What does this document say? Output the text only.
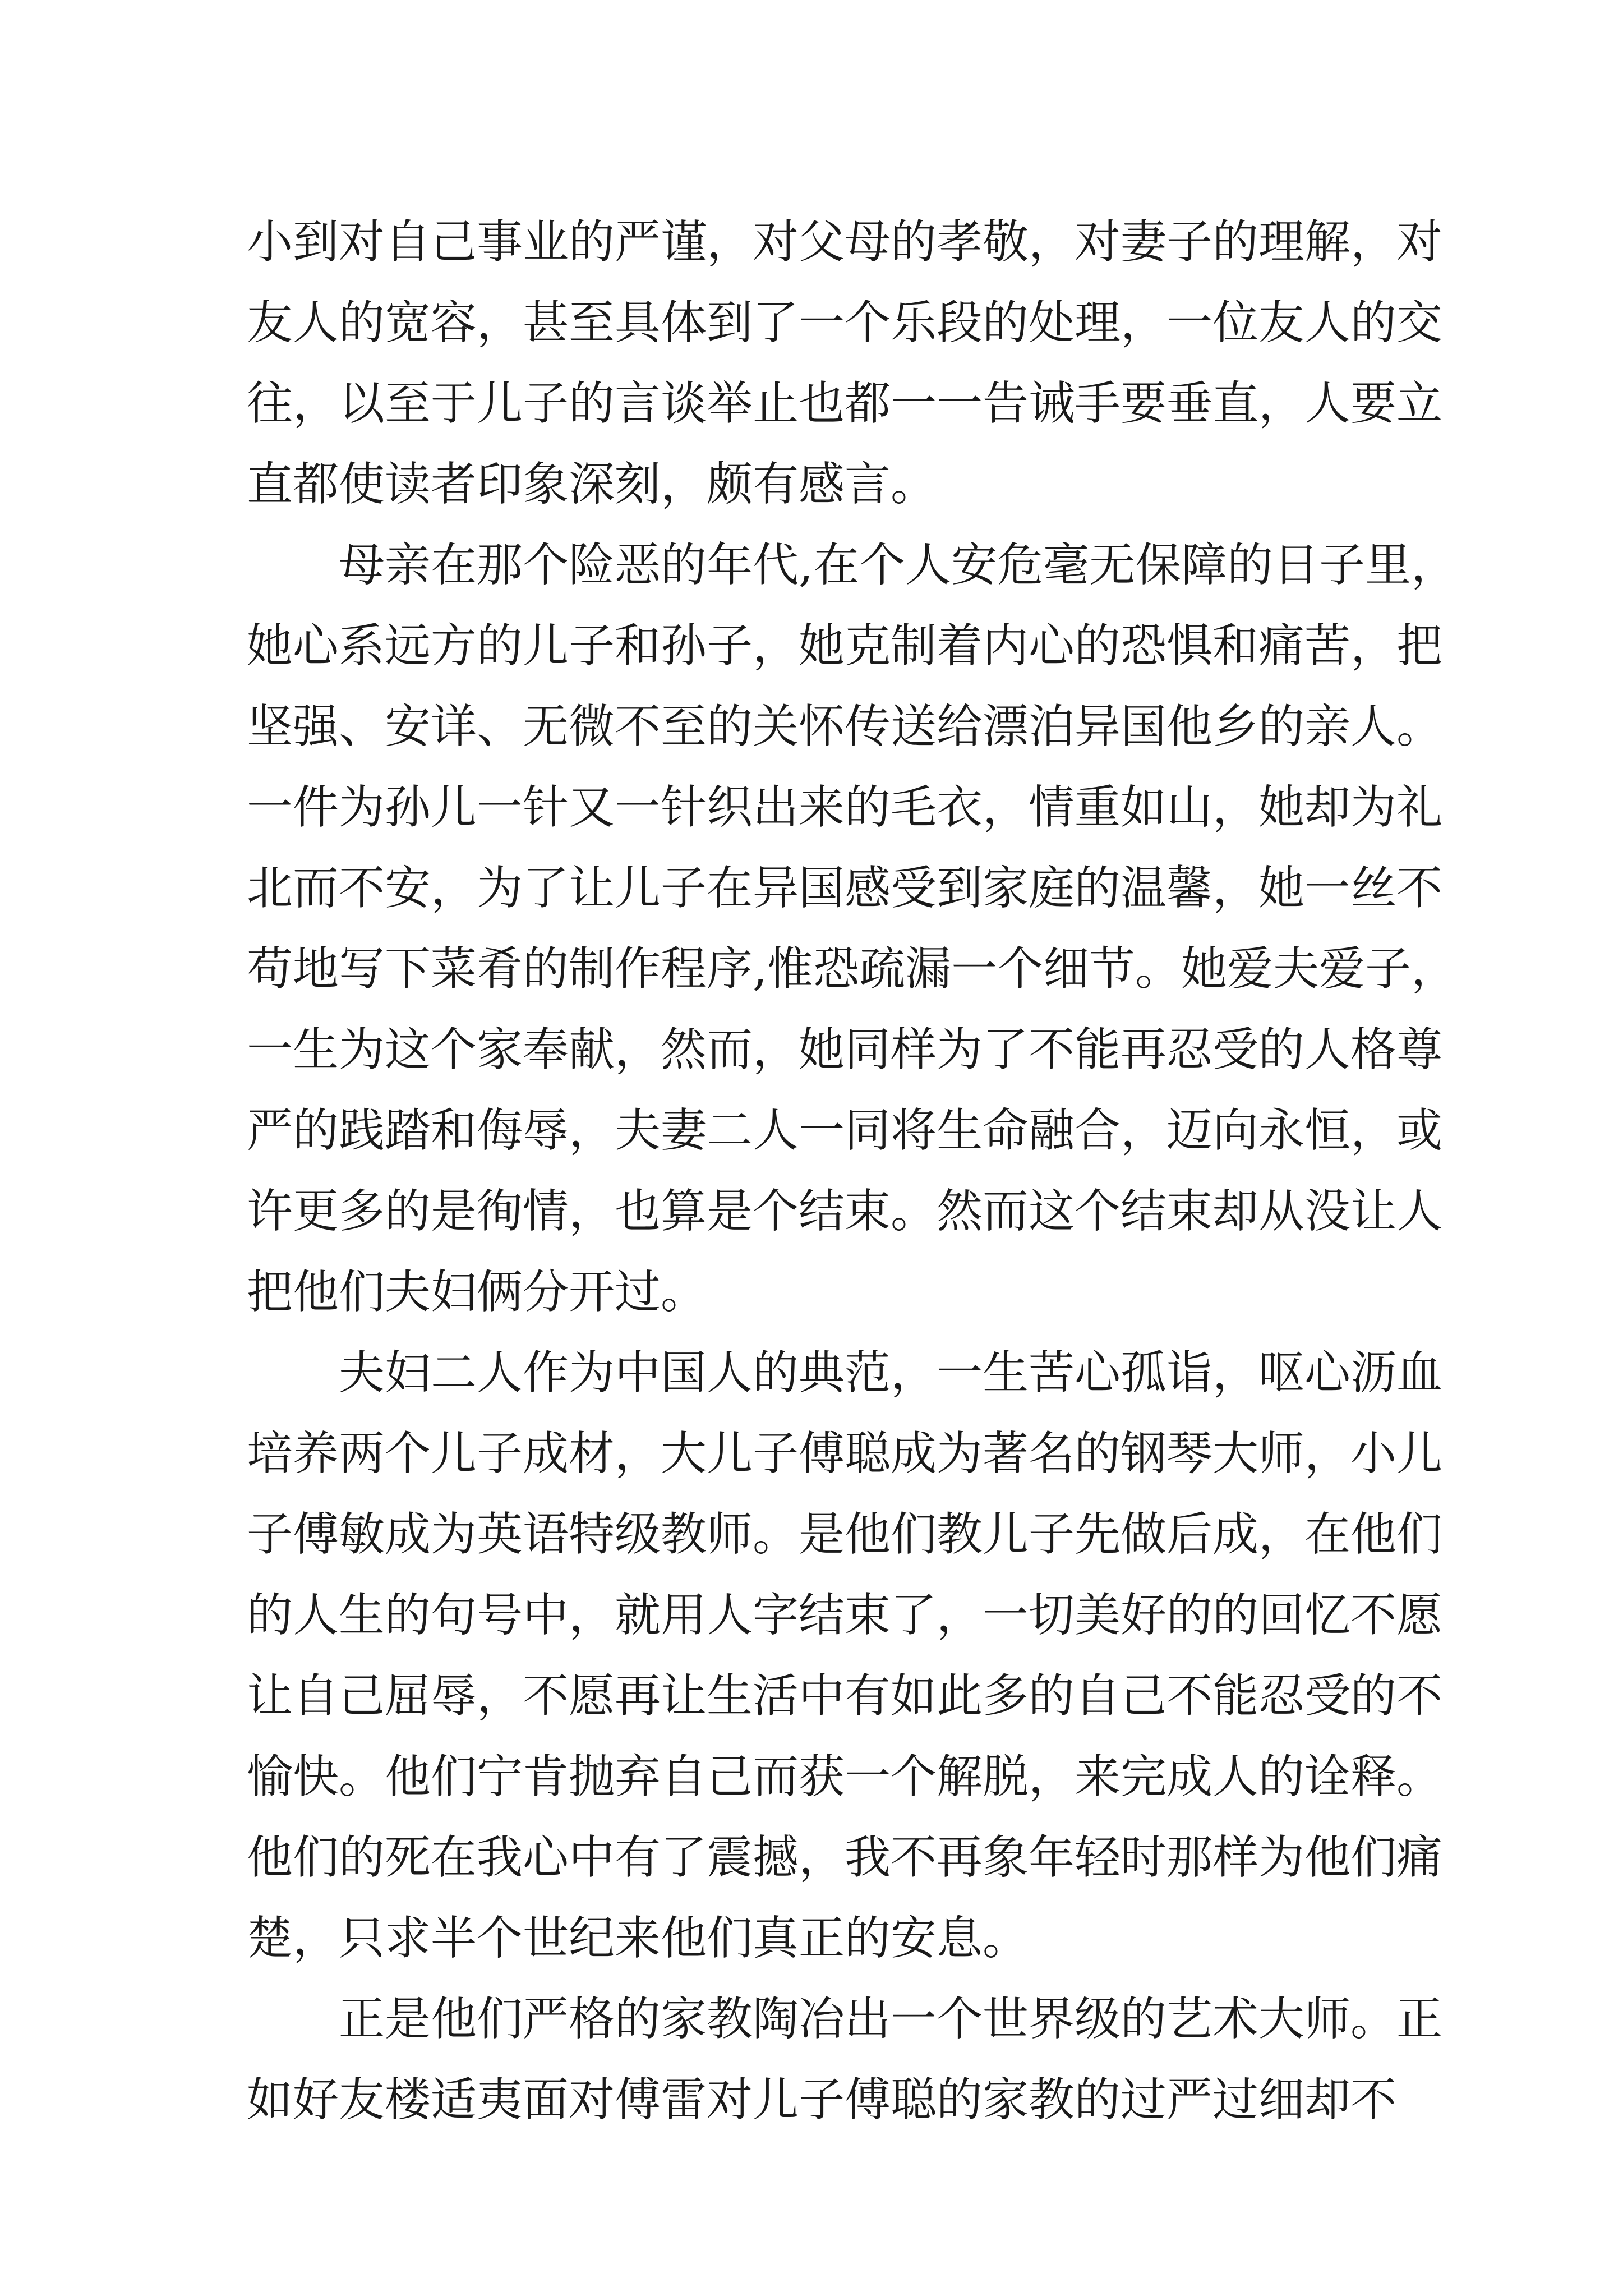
小到对自己事业的严谨，对父母的孝敬，对妻子的理解，对
友人的宽容，甚至具体到了一个乐段的处理，一位友人的交
往，以至于儿子的言谈举止也都一一告诫手要垂直，人要立
直都使读者印象深刻，颇有感言。
母亲在那个险恶的年代,在个人安危毫无保障的日子里，
她心系远方的儿子和孙子，她克制着内心的恐惧和痛苦，把
坚强、安详、无微不至的关怀传送给漂泊异国他乡的亲人。
一件为孙儿一针又一针织出来的毛衣，情重如山，她却为礼
北而不安，为了让儿子在异国感受到家庭的温馨，她一丝不
苟地写下菜肴的制作程序,惟恐疏漏一个细节。她爱夫爱子，
一生为这个家奉献，然而，她同样为了不能再忍受的人格尊
严的践踏和侮辱，夫妻二人一同将生命融合，迈向永恒，或
许更多的是徇情，也算是个结束。然而这个结束却从没让人
把他们夫妇俩分开过。
夫妇二人作为中国人的典范，一生苦心孤诣，呕心沥血
培养两个儿子成材，大儿子傅聪成为著名的钢琴大师，小儿
子傅敏成为英语特级教师。是他们教儿子先做后成，在他们
的人生的句号中，就用人字结束了，一切美好的的回忆不愿
让自己屈辱，不愿再让生活中有如此多的自己不能忍受的不
愉快。他们宁肯抛弃自己而获一个解脱，来完成人的诠释。
他们的死在我心中有了震撼，我不再象年轻时那样为他们痛
楚，只求半个世纪来他们真正的安息。
正是他们严格的家教陶冶出一个世界级的艺术大师。正
如好友楼适夷面对傅雷对儿子傅聪的家教的过严过细却不
